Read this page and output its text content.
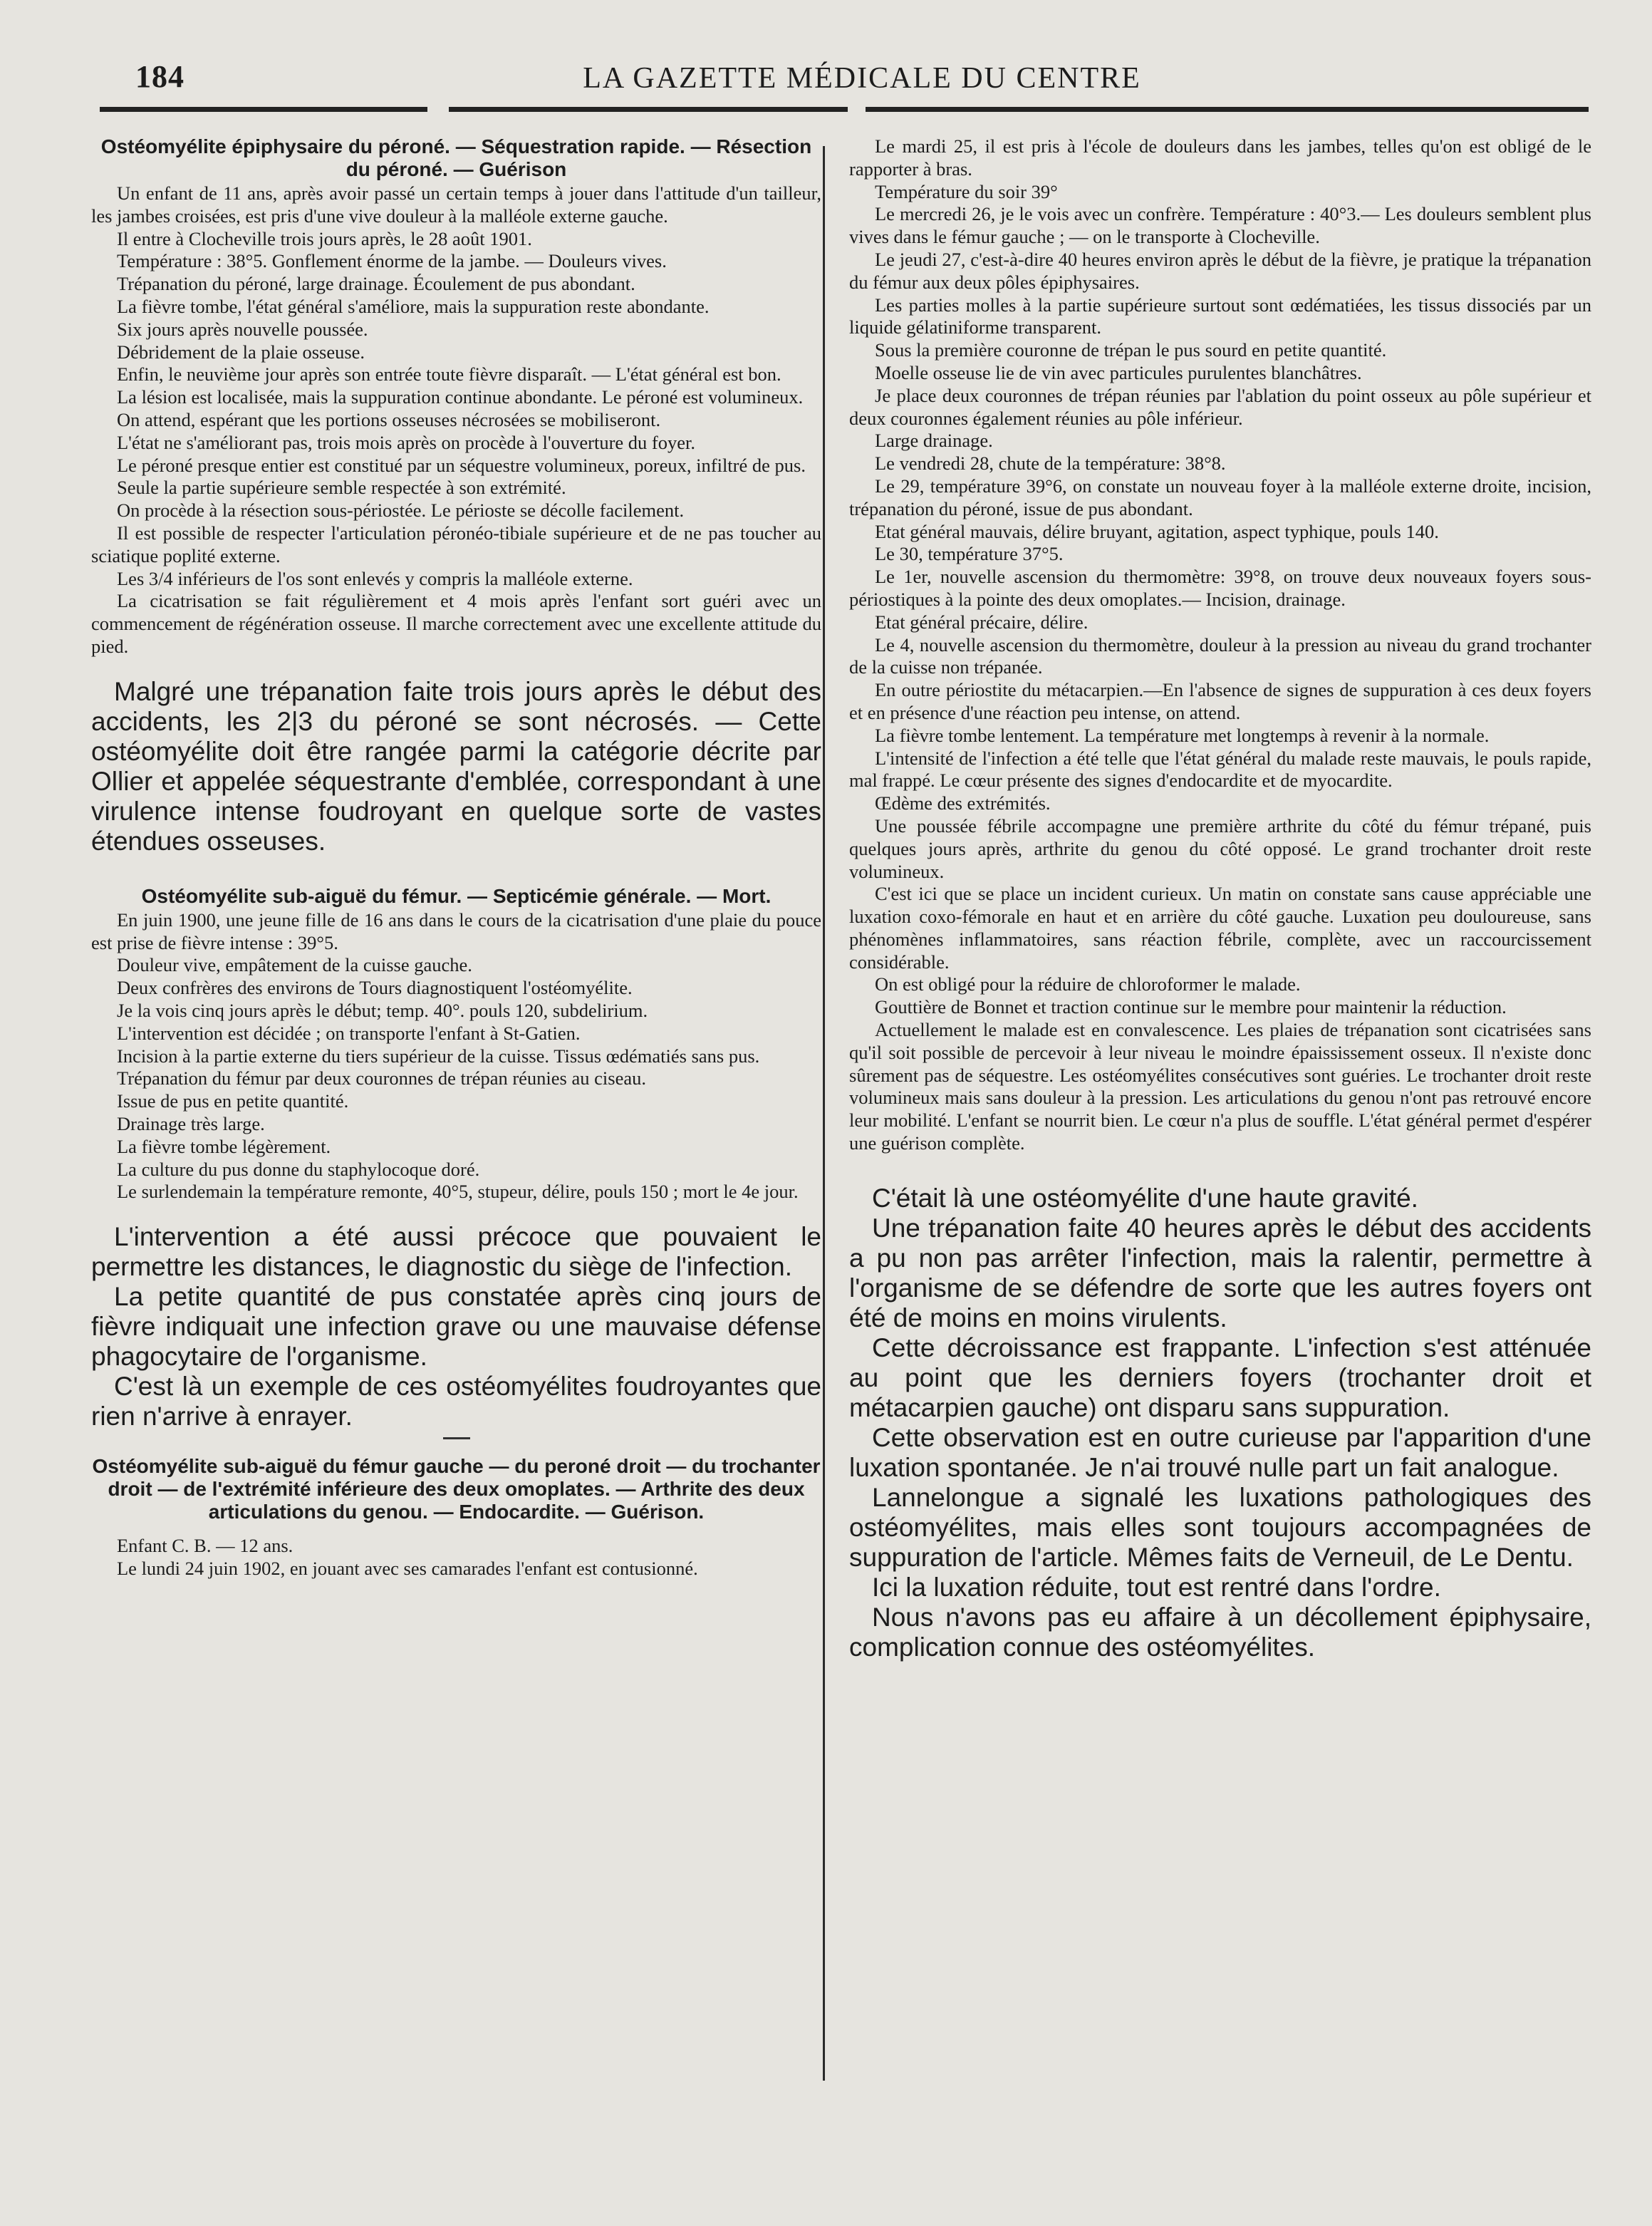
184	LA GAZETTE MÉDICALE DU CENTRE
Ostéomyélite épiphysaire du péroné. — Séquestration rapide. — Résection du péroné. — Guérison

Un enfant de 11 ans, après avoir passé un certain temps à jouer dans l'attitude d'un tailleur, les jambes croisées, est pris d'une vive douleur à la malléole externe gauche.

Il entre à Clocheville trois jours après, le 28 août 1901.

Température : 38°5. Gonflement énorme de la jambe. — Douleurs vives.

Trépanation du péroné, large drainage. Écoulement de pus abondant.

La fièvre tombe, l'état général s'améliore, mais la suppuration reste abondante.

Six jours après nouvelle poussée.

Débridement de la plaie osseuse.

Enfin, le neuvième jour après son entrée toute fièvre disparaît. — L'état général est bon.

La lésion est localisée, mais la suppuration continue abondante. Le péroné est volumineux.

On attend, espérant que les portions osseuses nécrosées se mobiliseront.

L'état ne s'améliorant pas, trois mois après on procède à l'ouverture du foyer.

Le péroné presque entier est constitué par un séquestre volumineux, poreux, infiltré de pus.

Seule la partie supérieure semble respectée à son extrémité.

On procède à la résection sous-périostée. Le périoste se décolle facilement.

Il est possible de respecter l'articulation péronéo-tibiale supérieure et de ne pas toucher au sciatique poplité externe.

Les 3/4 inférieurs de l'os sont enlevés y compris la malléole externe.

La cicatrisation se fait régulièrement et 4 mois après l'enfant sort guéri avec un commencement de régénération osseuse. Il marche correctement avec une excellente attitude du pied.

Malgré une trépanation faite trois jours après le début des accidents, les 2|3 du péroné se sont nécrosés. — Cette ostéomyélite doit être rangée parmi la catégorie décrite par Ollier et appelée séquestrante d'emblée, correspondant à une virulence intense foudroyant en quelque sorte de vastes étendues osseuses.

Ostéomyélite sub-aiguë du fémur. — Septicémie générale. — Mort.

En juin 1900, une jeune fille de 16 ans dans le cours de la cicatrisation d'une plaie du pouce est prise de fièvre intense : 39°5.

Douleur vive, empâtement de la cuisse gauche.

Deux confrères des environs de Tours diagnostiquent l'ostéomyélite.

Je la vois cinq jours après le début; temp. 40°. pouls 120, subdelirium.

L'intervention est décidée ; on transporte l'enfant à St-Gatien.

Incision à la partie externe du tiers supérieur de la cuisse. Tissus œdématiés sans pus.

Trépanation du fémur par deux couronnes de trépan réunies au ciseau.

Issue de pus en petite quantité.

Drainage très large.

La fièvre tombe légèrement.

La culture du pus donne du staphylocoque doré.

Le surlendemain la température remonte, 40°5, stupeur, délire, pouls 150 ; mort le 4e jour.

L'intervention a été aussi précoce que pouvaient le permettre les distances, le diagnostic du siège de l'infection.

La petite quantité de pus constatée après cinq jours de fièvre indiquait une infection grave ou une mauvaise défense phagocytaire de l'organisme.

C'est là un exemple de ces ostéomyélites foudroyantes que rien n'arrive à enrayer.

Ostéomyélite sub-aiguë du fémur gauche — du peroné droit — du trochanter droit — de l'extrémité inférieure des deux omoplates. — Arthrite des deux articulations du genou. — Endocardite. — Guérison.

Enfant C. B. — 12 ans.

Le lundi 24 juin 1902, en jouant avec ses camarades l'enfant est contusionné.

Le mardi 25, il est pris à l'école de douleurs dans les jambes, telles qu'on est obligé de le rapporter à bras.

Température du soir 39°

Le mercredi 26, je le vois avec un confrère. Température : 40°3.— Les douleurs semblent plus vives dans le fémur gauche ; — on le transporte à Clocheville.

Le jeudi 27, c'est-à-dire 40 heures environ après le début de la fièvre, je pratique la trépanation du fémur aux deux pôles épiphysaires.

Les parties molles à la partie supérieure surtout sont œdématiées, les tissus dissociés par un liquide gélatiniforme transparent.

Sous la première couronne de trépan le pus sourd en petite quantité.

Moelle osseuse lie de vin avec particules purulentes blanchâtres.

Je place deux couronnes de trépan réunies par l'ablation du point osseux au pôle supérieur et deux couronnes également réunies au pôle inférieur.

Large drainage.

Le vendredi 28, chute de la température: 38°8.

Le 29, température 39°6, on constate un nouveau foyer à la malléole externe droite, incision, trépanation du péroné, issue de pus abondant.

Etat général mauvais, délire bruyant, agitation, aspect typhique, pouls 140.

Le 30, température 37°5.

Le 1er, nouvelle ascension du thermomètre: 39°8, on trouve deux nouveaux foyers sous-périostiques à la pointe des deux omoplates.— Incision, drainage.

Etat général précaire, délire.

Le 4, nouvelle ascension du thermomètre, douleur à la pression au niveau du grand trochanter de la cuisse non trépanée.

En outre périostite du métacarpien.—En l'absence de signes de suppuration à ces deux foyers et en présence d'une réaction peu intense, on attend.

La fièvre tombe lentement. La température met longtemps à revenir à la normale.

L'intensité de l'infection a été telle que l'état général du malade reste mauvais, le pouls rapide, mal frappé. Le cœur présente des signes d'endocardite et de myocardite.

Œdème des extrémités.

Une poussée fébrile accompagne une première arthrite du côté du fémur trépané, puis quelques jours après, arthrite du genou du côté opposé. Le grand trochanter droit reste volumineux.

C'est ici que se place un incident curieux. Un matin on constate sans cause appréciable une luxation coxo-fémorale en haut et en arrière du côté gauche. Luxation peu douloureuse, sans phénomènes inflammatoires, sans réaction fébrile, complète, avec un raccourcissement considérable.

On est obligé pour la réduire de chloroformer le malade.

Gouttière de Bonnet et traction continue sur le membre pour maintenir la réduction.

Actuellement le malade est en convalescence. Les plaies de trépanation sont cicatrisées sans qu'il soit possible de percevoir à leur niveau le moindre épaississement osseux. Il n'existe donc sûrement pas de séquestre. Les ostéomyélites consécutives sont guéries. Le trochanter droit reste volumineux mais sans douleur à la pression. Les articulations du genou n'ont pas retrouvé encore leur mobilité. L'enfant se nourrit bien. Le cœur n'a plus de souffle. L'état général permet d'espérer une guérison complète.

C'était là une ostéomyélite d'une haute gravité.

Une trépanation faite 40 heures après le début des accidents a pu non pas arrêter l'infection, mais la ralentir, permettre à l'organisme de se défendre de sorte que les autres foyers ont été de moins en moins virulents.

Cette décroissance est frappante. L'infection s'est atténuée au point que les derniers foyers (trochanter droit et métacarpien gauche) ont disparu sans suppuration.

Cette observation est en outre curieuse par l'apparition d'une luxation spontanée. Je n'ai trouvé nulle part un fait analogue.

Lannelongue a signalé les luxations pathologiques des ostéomyélites, mais elles sont toujours accompagnées de suppuration de l'article. Mêmes faits de Verneuil, de Le Dentu.

Ici la luxation réduite, tout est rentré dans l'ordre.

Nous n'avons pas eu affaire à un décollement épiphysaire, complication connue des ostéomyélites.
